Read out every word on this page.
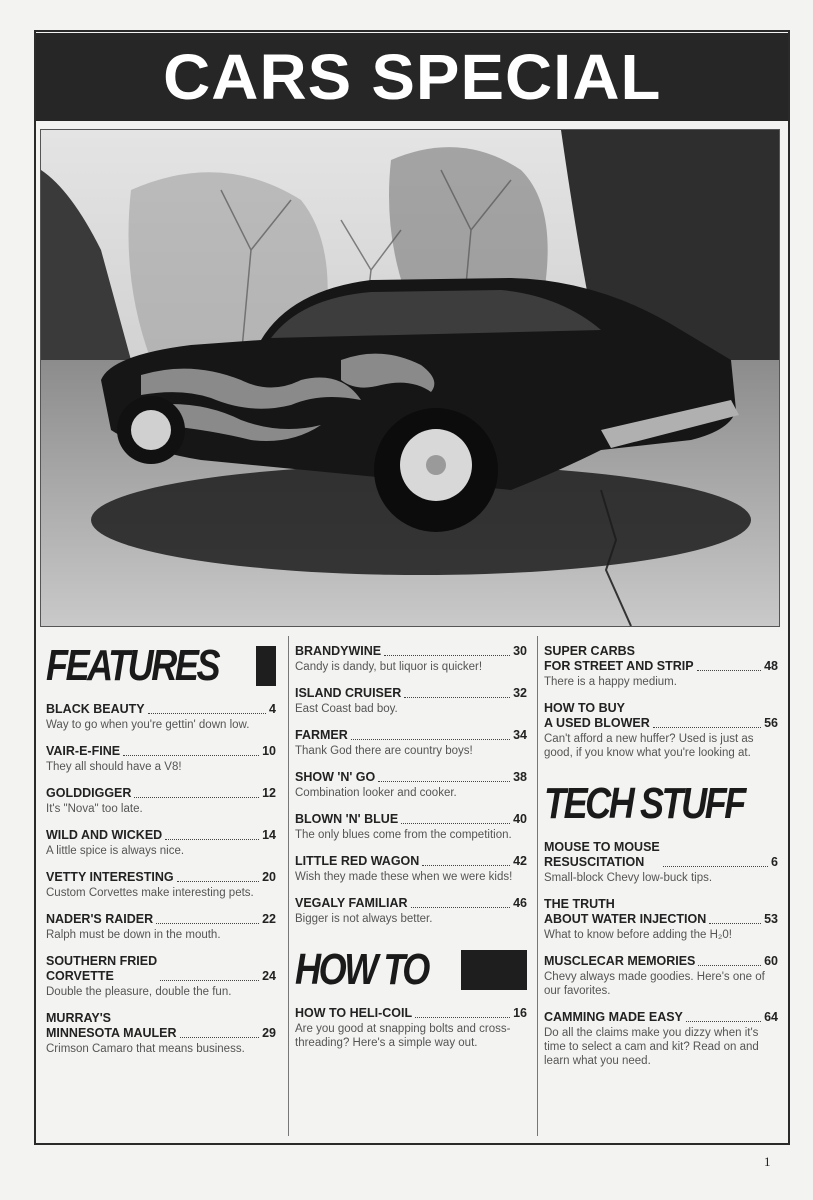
CARS SPECIAL
FEATURES
BLACK BEAUTY	4
Way to go when you're gettin' down low.
VAIR-E-FINE	10
They all should have a V8!
GOLDDIGGER	12
It's "Nova" too late.
WILD AND WICKED	14
A little spice is always nice.
VETTY INTERESTING	20
Custom Corvettes make interesting pets.
NADER'S RAIDER	22
Ralph must be down in the mouth.
SOUTHERN FRIED
CORVETTE	24
Double the pleasure, double the fun.
MURRAY'S
MINNESOTA MAULER	29
Crimson Camaro that means business.
BRANDYWINE	30
Candy is dandy, but liquor is quicker!
ISLAND CRUISER	32
East Coast bad boy.
FARMER	34
Thank God there are country boys!
SHOW 'N' GO	38
Combination looker and cooker.
BLOWN 'N' BLUE	40
The only blues come from the competition.
LITTLE RED WAGON	42
Wish they made these when we were kids!
VEGALY FAMILIAR	46
Bigger is not always better.
HOW TO
HOW TO HELI-COIL	16
Are you good at snapping bolts and cross-threading? Here's a simple way out.
SUPER CARBS
FOR STREET AND STRIP	48
There is a happy medium.
HOW TO BUY
A USED BLOWER	56
Can't afford a new huffer? Used is just as good, if you know what you're looking at.
TECH STUFF
MOUSE TO MOUSE
RESUSCITATION	6
Small-block Chevy low-buck tips.
THE TRUTH
ABOUT WATER INJECTION	53
What to know before adding the H₂0!
MUSCLECAR MEMORIES	60
Chevy always made goodies. Here's one of our favorites.
CAMMING MADE EASY	64
Do all the claims make you dizzy when it's time to select a cam and kit? Read on and learn what you need.
1
